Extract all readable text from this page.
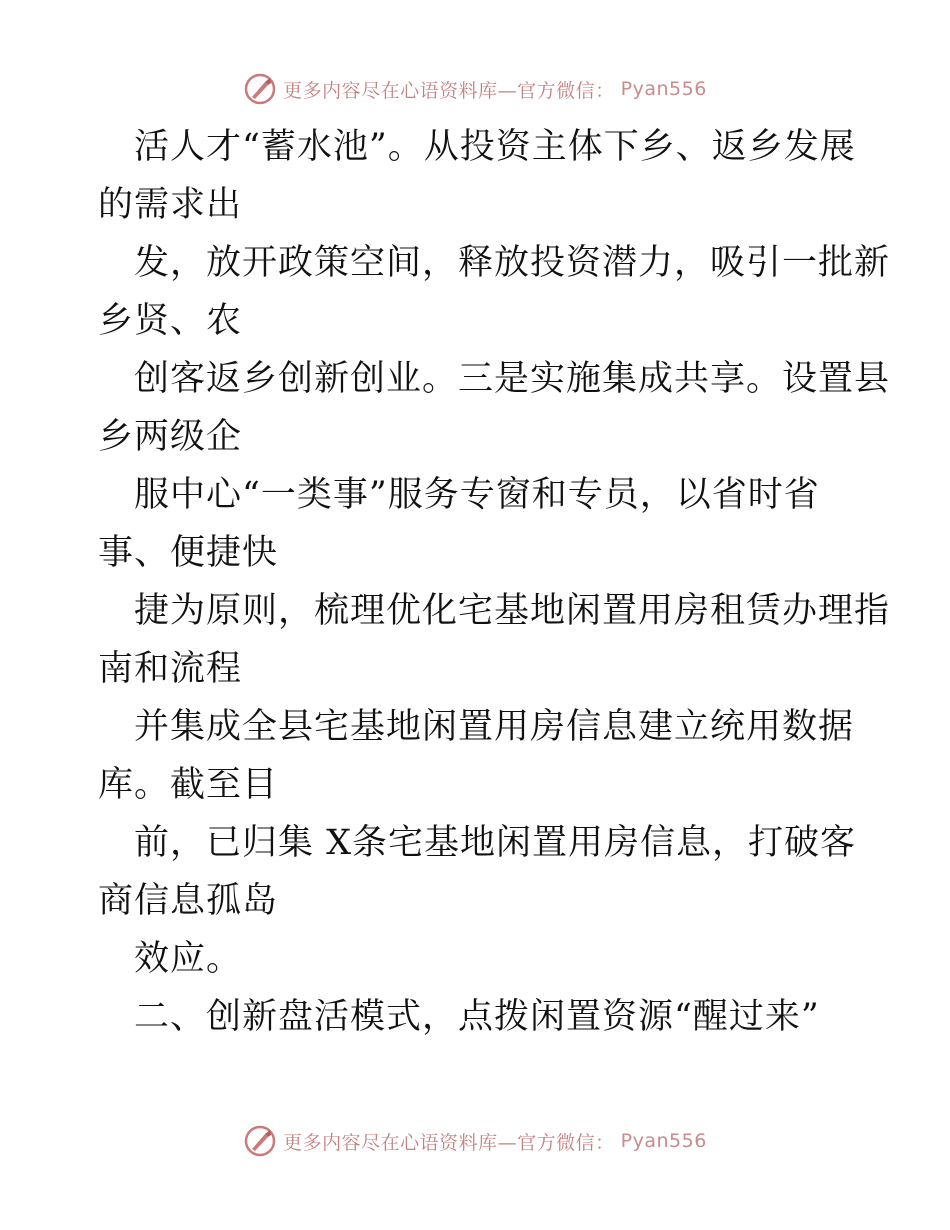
更多内容尽在心语资料库—官方微信： Pyan556
活人才“蓄水池”。从投资主体下乡、返乡发展
的需求出
发，放开政策空间，释放投资潜力，吸引一批新
乡贤、农
创客返乡创新创业。三是实施集成共享。设置县
乡两级企
服中心“一类事”服务专窗和专员，以省时省
事、便捷快
捷为原则，梳理优化宅基地闲置用房租赁办理指
南和流程
并集成全县宅基地闲置用房信息建立统用数据
库。截至目
前，已归集 X条宅基地闲置用房信息，打破客
商信息孤岛
效应。
二、创新盘活模式，点拨闲置资源“醒过来”
更多内容尽在心语资料库—官方微信： Pyan556
